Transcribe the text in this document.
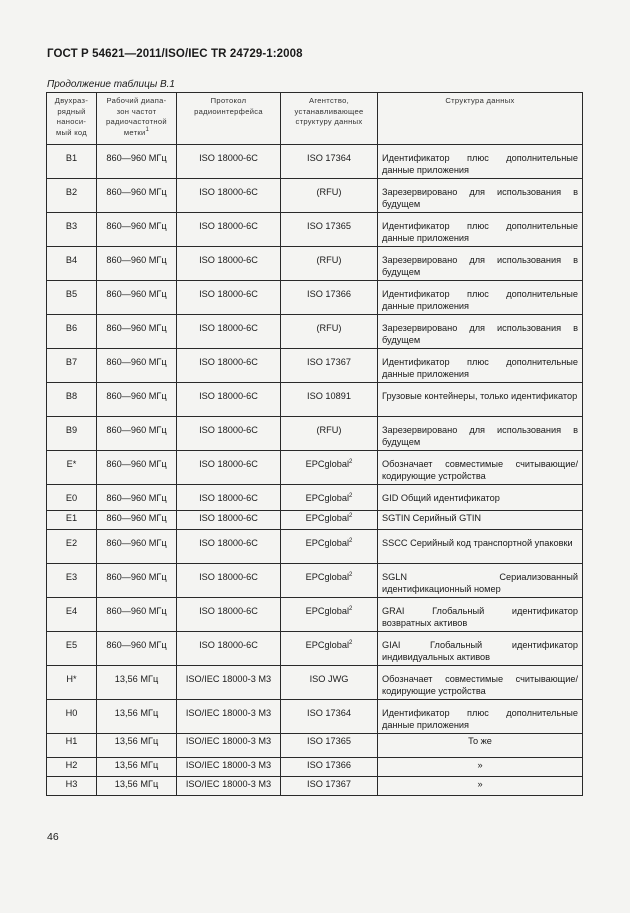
ГОСТ Р 54621—2011/ISO/IEC TR 24729-1:2008
Продолжение таблицы В.1
Двухраз-рядный наноси-мый код	Рабочий диапа-зон частот радиочастотной метки$^1$	Протокол радиоинтерфейса	Агентство, устанавливающее структуру данных	Структура данных
B1	860—960 МГц	ISO 18000-6C	ISO 17364	Идентификатор плюс дополнительные данные приложения
B2	860—960 МГц	ISO 18000-6C	(RFU)	Зарезервировано для использования в будущем
B3	860—960 МГц	ISO 18000-6C	ISO 17365	Идентификатор плюс дополнительные данные приложения
B4	860—960 МГц	ISO 18000-6C	(RFU)	Зарезервировано для использования в будущем
B5	860—960 МГц	ISO 18000-6C	ISO 17366	Идентификатор плюс дополнительные данные приложения
B6	860—960 МГц	ISO 18000-6C	(RFU)	Зарезервировано для использования в будущем
B7	860—960 МГц	ISO 18000-6C	ISO 17367	Идентификатор плюс дополнительные данные приложения
B8	860—960 МГц	ISO 18000-6C	ISO 10891	Грузовые контейнеры, только идентификатор
B9	860—960 МГц	ISO 18000-6C	(RFU)	Зарезервировано для использования в будущем
E*	860—960 МГц	ISO 18000-6C	EPCglobal$^2$	Обозначает совместимые считывающие/кодирующие устройства
E0	860—960 МГц	ISO 18000-6C	EPCglobal$^2$	GID Общий идентификатор
E1	860—960 МГц	ISO 18000-6C	EPCglobal$^2$	SGTIN Серийный GTIN
E2	860—960 МГц	ISO 18000-6C	EPCglobal$^2$	SSCC Серийный код транспортной упаковки
E3	860—960 МГц	ISO 18000-6C	EPCglobal$^2$	SGLN Сериализованный идентификационный номер
E4	860—960 МГц	ISO 18000-6C	EPCglobal$^2$	GRAI Глобальный идентификатор возвратных активов
E5	860—960 МГц	ISO 18000-6C	EPCglobal$^2$	GIAI Глобальный идентификатор индивидуальных активов
H*	13,56 МГц	ISO/IEC 18000-3 M3	ISO JWG	Обозначает совместимые считывающие/кодирующие устройства
H0	13,56 МГц	ISO/IEC 18000-3 M3	ISO 17364	Идентификатор плюс дополнительные данные приложения
H1	13,56 МГц	ISO/IEC 18000-3 M3	ISO 17365	То же
H2	13,56 МГц	ISO/IEC 18000-3 M3	ISO 17366	»
H3	13,56 МГц	ISO/IEC 18000-3 M3	ISO 17367	»
46
